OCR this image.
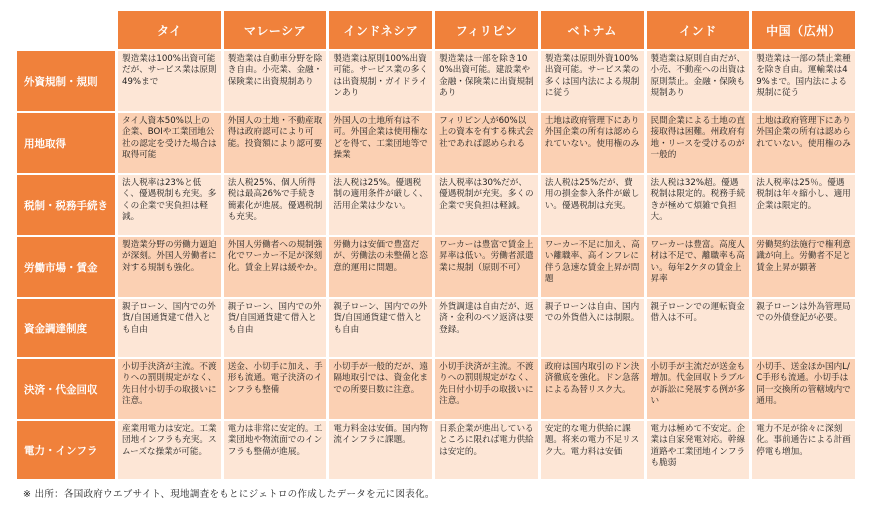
	タイ	マレーシア	インドネシア	フィリピン	ベトナム	インド	中国（広州）
外資規制・規則	製造業は100%出資可能だが、サービス業は原則49%まで	製造業は自動車分野を除き自由。小売業、金融・保険業に出資規制あり	製造業は原則100%出資可能。サービス業の多くは出資規制・ガイドラインあり	製造業は一部を除き100%出資可能。建設業や金融・保険業に出資規制あり	製造業は原則外資100%出資可能。サービス業の多くは国内法による規制に従う	製造業は原則自由だが、小売、不動産への出資は原則禁止。金融・保険も規制あり	製造業は一部の禁止業種を除き自由。運輸業は49%まで。国内法による規制に従う
用地取得	タイ人資本50%以上の企業、BOIや工業団地公社の認定を受けた場合は取得可能	外国人の土地・不動産取得は政府認可により可能。投資額により認可要	外国人の土地所有は不可。外国企業は使用権などを得て、工業団地等で操業	フィリピン人が60%以上の資本を有する株式会社であれば認められる	土地は政府管理下にあり外国企業の所有は認められていない。使用権のみ	民間企業による土地の直接取得は困難。州政府有地・リースを受けるのが一般的	土地は政府管理下にあり外国企業の所有は認められていない。使用権のみ
税制・税務手続き	法人税率は23%と低く、優遇税制も充実。多くの企業で実負担は軽減。	法人税25%、個人所得税は最高26%で手続き簡素化が進展。優遇税制も充実。	法人税は25%。優遇税制の適用条件が厳しく、活用企業は少ない。	法人税率は30%だが、優遇税制が充実。多くの企業で実負担は軽減。	法人税は25%だが、費用の損金参入条件が厳しい。優遇税制は充実。	法人税は32%超。優遇税制は限定的。税務手続きが極めて煩雑で負担大。	法人税率は25％。優遇税制は年々縮小し、適用企業は限定的。
労働市場・賃金	製造業分野の労働力逼迫が深刻。外国人労働者に対する規制も強化。	外国人労働者への規制強化でワーカー不足が深刻化。賃金上昇は緩やか。	労働力は安価で豊富だが、労働法の未整備と恣意的運用に問題。	ワーカーは豊富で賃金上昇率は低い。労働者派遣業に規制（原則不可）	ワーカー不足に加え、高い離職率、高インフレに伴う急速な賃金上昇が問題	ワーカーは豊富。高度人材は不足で、離職率も高い。毎年2ケタの賃金上昇率	労働契約法施行で権利意識が向上。労働者不足と賃金上昇が顕著
資金調達制度	親子ローン、国内での外貨/自国通貨建て借入とも自由	親子ローン、国内での外貨/自国通貨建て借入とも自由	親子ローン、国内での外貨/自国通貨建て借入とも自由	外貨調達は自由だが、返済・金利のペソ返済は要登録。	親子ローンは自由、国内での外貨借入には制限。	親子ローンでの運転資金借入は不可。	親子ローンは外為管理局での外債登記が必要。
決済・代金回収	小切手決済が主流。不渡りへの罰則規定がなく、先日付小切手の取扱いに注意。	送金、小切手に加え、手形も流通。電子決済のインフラも整備	小切手が一般的だが、遠隔地取引では、資金化までの所要日数に注意。	小切手決済が主流。不渡りへの罰則規定がなく、先日付小切手の取扱いに注意。	政府は国内取引のドン決済徹底を強化。ドン急落による為替リスク大。	小切手が主流だが送金も増加。代金回収トラブルが訴訟に発展する例が多い	小切手、送金ほか国内L/C手形も流通。小切手は同一交換所の管轄域内で通用。
電力・インフラ	産業用電力は安定。工業団地インフラも充実。スムーズな操業が可能。	電力は非常に安定的。工業団地や物流面でのインフラも整備が進展。	電力料金は安価。国内物流インフラに課題。	日系企業が進出しているところに限れば電力供給は安定的。	安定的な電力供給に課題。将来の電力不足リスク大。電力料は安価	電力は極めて不安定。企業は自家発電対応。幹線道路や工業団地インフラも脆弱	電力不足が徐々に深刻化。事前通告による計画停電も増加。
※ 出所：各国政府ウエブサイト、現地調査をもとにジェトロの作成したデータを元に図表化。
